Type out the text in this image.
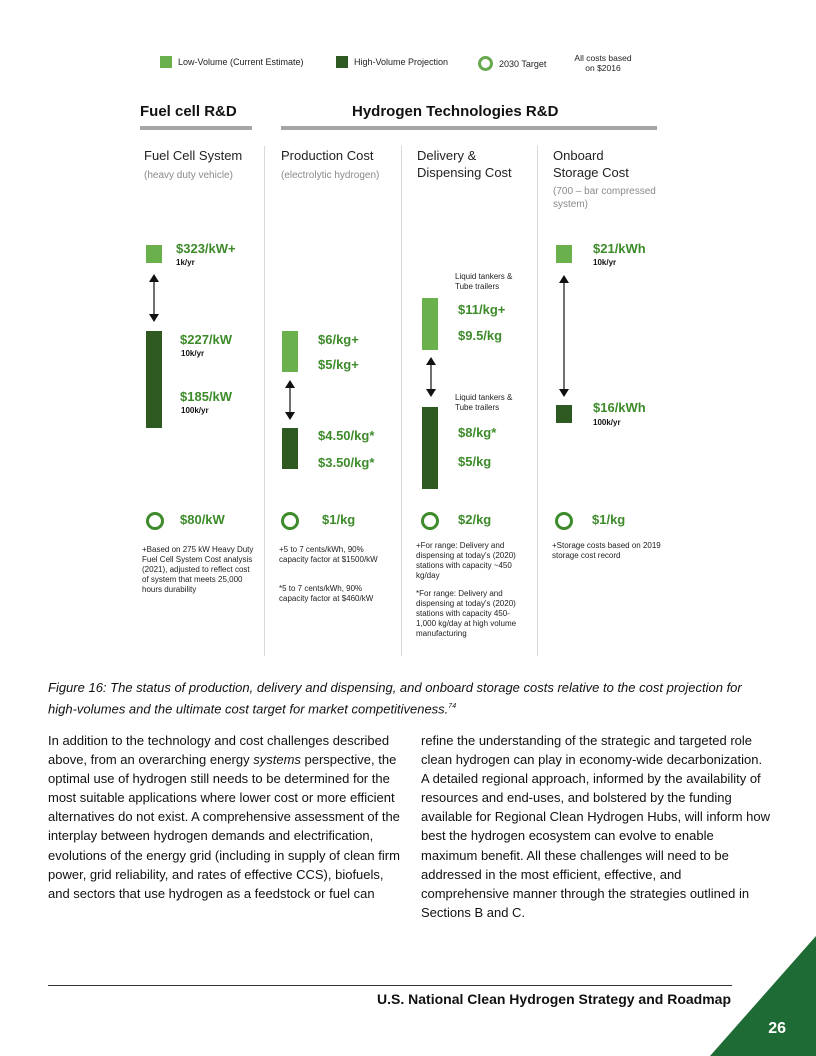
Low-Volume (Current Estimate)	High-Volume Projection	2030 Target
All costs based on $2016
Fuel cell R&D	Hydrogen Technologies R&D
Fuel Cell System
(heavy duty vehicle)
$323/kW+
1k/yr
$227/kW
10k/yr
$185/kW
100k/yr
$80/kW
+Based on 275 kW Heavy Duty Fuel Cell System Cost analysis (2021), adjusted to reflect cost of system that meets 25,000 hours durability
Production Cost
(electrolytic hydrogen)
$6/kg+
$5/kg+
$4.50/kg*
$3.50/kg*
$1/kg
+5 to 7 cents/kWh, 90% capacity factor at $1500/kW
*5 to 7 cents/kWh, 90% capacity factor at $460/kW
Delivery &
Dispensing Cost
Liquid tankers & Tube trailers
$11/kg+
$9.5/kg
Liquid tankers & Tube trailers
$8/kg*
$5/kg
$2/kg
+For range: Delivery and dispensing at today's (2020) stations with capacity ~450 kg/day
*For range: Delivery and dispensing at today's (2020) stations with capacity 450-1,000 kg/day at high volume manufacturing
Onboard
Storage Cost
(700 – bar compressed system)
$21/kWh
10k/yr
$16/kWh
100k/yr
$1/kg
+Storage costs based on 2019 storage cost record
Figure 16: The status of production, delivery and dispensing, and onboard storage costs relative to the cost projection for high-volumes and the ultimate cost target for market competitiveness.$^{74}$
In addition to the technology and cost challenges described above, from an overarching energy systems perspective, the optimal use of hydrogen still needs to be determined for the most suitable applications where lower cost or more efficient alternatives do not exist. A comprehensive assessment of the interplay between hydrogen demands and electrification, evolutions of the energy grid (including in supply of clean firm power, grid reliability, and rates of effective CCS), biofuels, and sectors that use hydrogen as a feedstock or fuel can
refine the understanding of the strategic and targeted role clean hydrogen can play in economy-wide decarbonization. A detailed regional approach, informed by the availability of resources and end-uses, and bolstered by the funding available for Regional Clean Hydrogen Hubs, will inform how best the hydrogen ecosystem can evolve to enable maximum benefit. All these challenges will need to be addressed in the most efficient, effective, and comprehensive manner through the strategies outlined in Sections B and C.
U.S. National Clean Hydrogen Strategy and Roadmap
26
